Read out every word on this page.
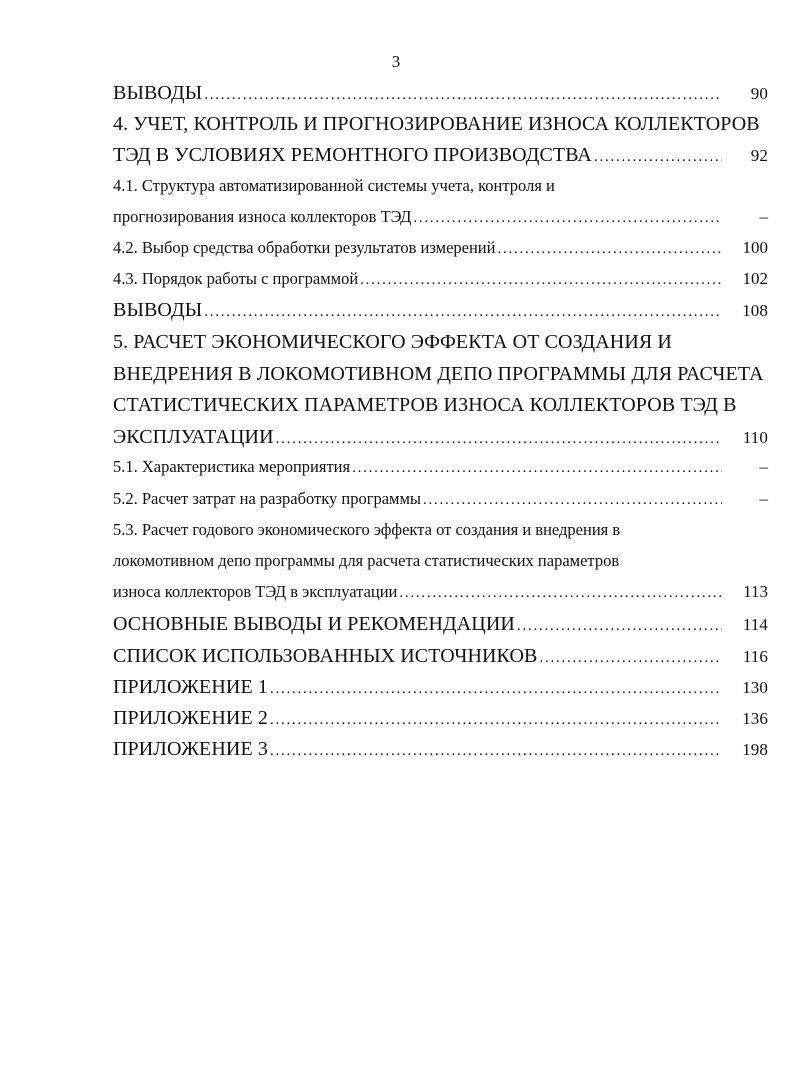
3
ВЫВОДЫ . . .	90
4. УЧЕТ, КОНТРОЛЬ И ПРОГНОЗИРОВАНИЕ ИЗНОСА КОЛЛЕКТОРОВ
ТЭД В УСЛОВИЯХ РЕМОНТНОГО ПРОИЗВОДСТВА . . .	92
4.1. Структура автоматизированной системы учета, контроля и
прогнозирования износа коллекторов ТЭД . . .	–
4.2. Выбор средства обработки результатов измерений . . .	100
4.3. Порядок работы с программой . . .	102
ВЫВОДЫ . . .	108
5. РАСЧЕТ ЭКОНОМИЧЕСКОГО ЭФФЕКТА ОТ СОЗДАНИЯ И
ВНЕДРЕНИЯ В ЛОКОМОТИВНОМ ДЕПО ПРОГРАММЫ ДЛЯ РАСЧЕТА
СТАТИСТИЧЕСКИХ ПАРАМЕТРОВ ИЗНОСА КОЛЛЕКТОРОВ ТЭД В
ЭКСПЛУАТАЦИИ . . .	110
5.1. Характеристика мероприятия . . .	–
5.2. Расчет затрат на разработку программы . . .	–
5.3. Расчет годового экономического эффекта от создания и внедрения в
локомотивном депо программы для расчета статистических параметров
износа коллекторов ТЭД в эксплуатации . . .	113
ОСНОВНЫЕ ВЫВОДЫ И РЕКОМЕНДАЦИИ . . .	114
СПИСОК ИСПОЛЬЗОВАННЫХ ИСТОЧНИКОВ . . .	116
ПРИЛОЖЕНИЕ 1 . . .	130
ПРИЛОЖЕНИЕ 2 . . .	136
ПРИЛОЖЕНИЕ 3 . . .	198
